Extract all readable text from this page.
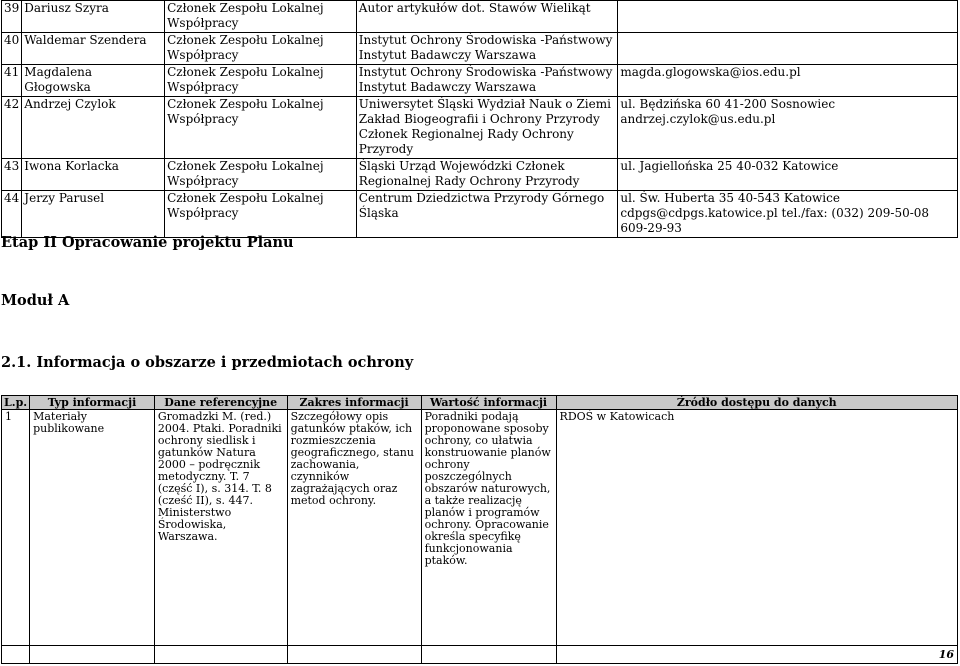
39	Dariusz Szyra	Członek Zespołu Lokalnej Współpracy	Autor artykułów dot. Stawów Wielikąt	
40	Waldemar Szendera	Członek Zespołu Lokalnej Współpracy	Instytut Ochrony Środowiska -Państwowy Instytut Badawczy Warszawa	
41	Magdalena Głogowska	Członek Zespołu Lokalnej Współpracy	Instytut Ochrony Środowiska -Państwowy Instytut Badawczy Warszawa	magda.glogowska@ios.edu.pl
42	Andrzej Czylok	Członek Zespołu Lokalnej Współpracy	Uniwersytet Śląski Wydział Nauk o Ziemi Zakład Biogeografii i Ochrony Przyrody Członek Regionalnej Rady Ochrony Przyrody	ul. Będzińska 60 41-200 Sosnowiec andrzej.czylok@us.edu.pl
43	Iwona Korlacka	Członek Zespołu Lokalnej Współpracy	Śląski Urząd Wojewódzki Członek Regionalnej Rady Ochrony Przyrody	ul. Jagiellońska 25 40-032 Katowice
44	Jerzy Parusel	Członek Zespołu Lokalnej Współpracy	Centrum Dziedzictwa Przyrody Górnego Śląska	ul. Św. Huberta 35 40-543 Katowice cdpgs@cdpgs.katowice.pl tel./fax: (032) 209-50-08 609-29-93
Etap II Opracowanie projektu Planu
Moduł A
2.1. Informacja o obszarze i przedmiotach ochrony
L.p.	Typ informacji	Dane referencyjne	Zakres informacji	Wartość informacji	Źródło dostępu do danych
1	Materiały publikowane	Gromadzki M. (red.) 2004. Ptaki. Poradniki ochrony siedlisk i gatunków Natura 2000 – podręcznik metodyczny. T. 7 (część I), s. 314. T. 8 (cześć II), s. 447. Ministerstwo Środowiska, Warszawa.	Szczegółowy opis gatunków ptaków, ich rozmieszczenia geograficznego, stanu zachowania, czynników zagrażających oraz metod ochrony.	Poradniki podają proponowane sposoby ochrony, co ułatwia konstruowanie planów ochrony poszczególnych obszarów naturowych, a także realizację planów i programów ochrony. Opracowanie określa specyfikę funkcjonowania ptaków.	RDOŚ w Katowicach
16
